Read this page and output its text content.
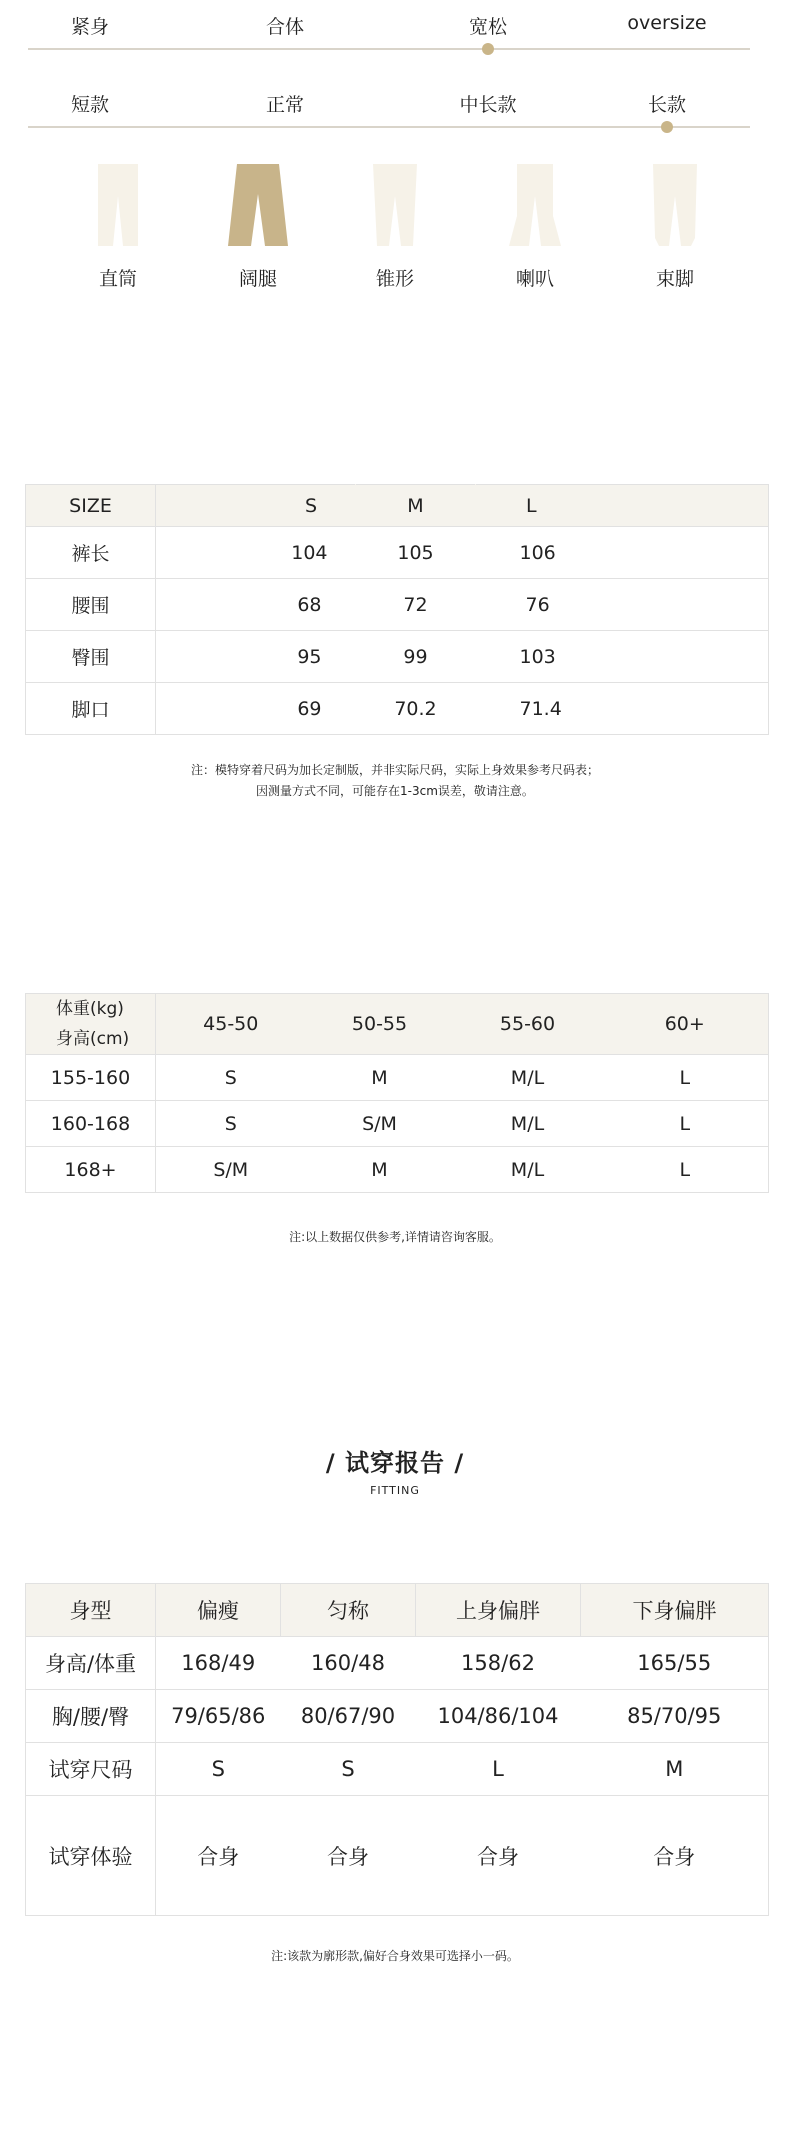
紧身	合体	宽松	oversize
短款	正常	中长款	长款
直筒	阔腿	锥形	喇叭	束脚
SIZE	S	M	L
裤长	104	105	106
腰围	68	72	76
臀围	95	99	103
脚口	69	70.2	71.4
注：模特穿着尺码为加长定制版，并非实际尺码，实际上身效果参考尺码表；
因测量方式不同，可能存在1-3cm误差，敬请注意。
体重(kg)
身高(cm)	45-50	50-55	55-60	60+
155-160	S	M	M/L	L
160-168	S	S/M	M/L	L
168+	S/M	M	M/L	L
注:以上数据仅供参考,详情请咨询客服。
/ 试穿报告 /
FITTING
身型	偏瘦	匀称	上身偏胖	下身偏胖
身高/体重	168/49	160/48	158/62	165/55
胸/腰/臀	79/65/86	80/67/90	104/86/104	85/70/95
试穿尺码	S	S	L	M
试穿体验	合身	合身	合身	合身
注:该款为廓形款,偏好合身效果可选择小一码。
